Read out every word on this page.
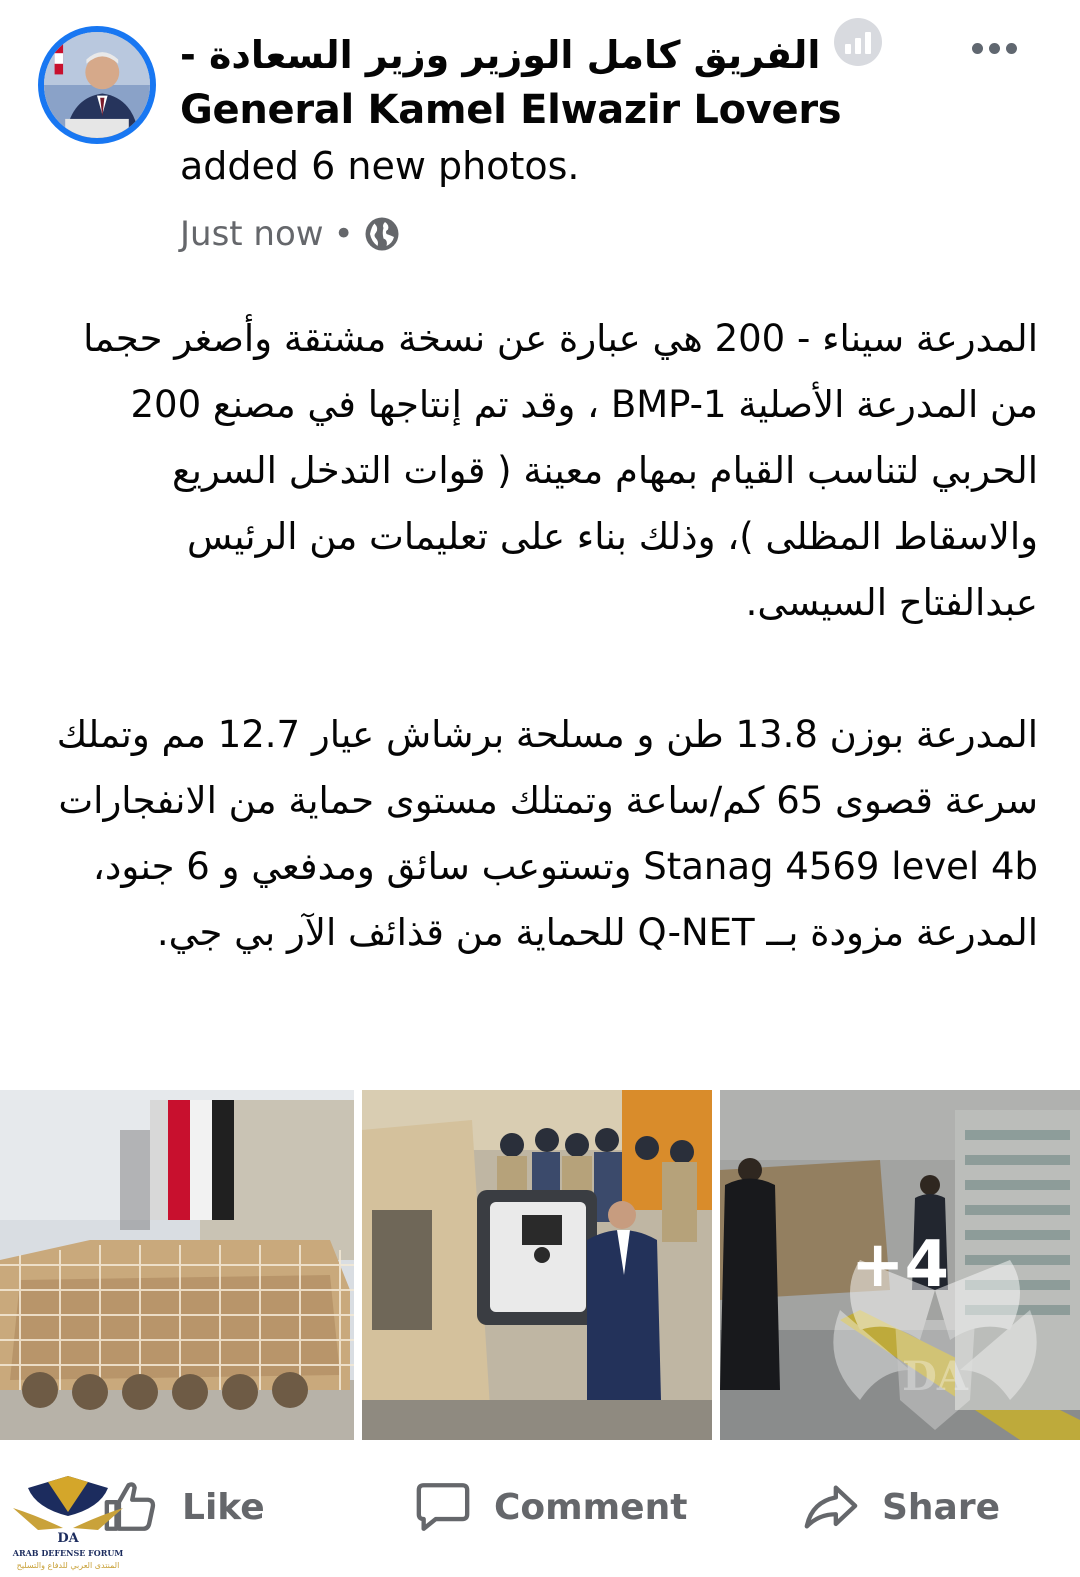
الفريق كامل الوزير وزير السعادة -
General Kamel Elwazir Lovers
added 6 new photos.
Just now •

المدرعة سيناء - 200 هي عبارة عن نسخة مشتقة وأصغر حجما من المدرعة الأصلية BMP-1 ، وقد تم إنتاجها في مصنع 200 الحربي لتناسب القيام بمهام معينة ( قوات التدخل السريع والاسقاط المظلى )، وذلك بناء على تعليمات من الرئيس عبدالفتاح السيسى.

المدرعة بوزن 13.8 طن و مسلحة برشاش عيار 12.7 مم وتملك سرعة قصوى 65 كم/ساعة وتمتلك مستوى حماية من الانفجارات Stanag 4569 level 4b وتستوعب سائق ومدفعي و 6 جنود، المدرعة مزودة بــ Q-NET للحماية من قذائف الآر بي جي.

+4
DA
Like	Comment	Share
DA
ARAB DEFENSE FORUM
المنتدى العربي للدفاع والتسليح
